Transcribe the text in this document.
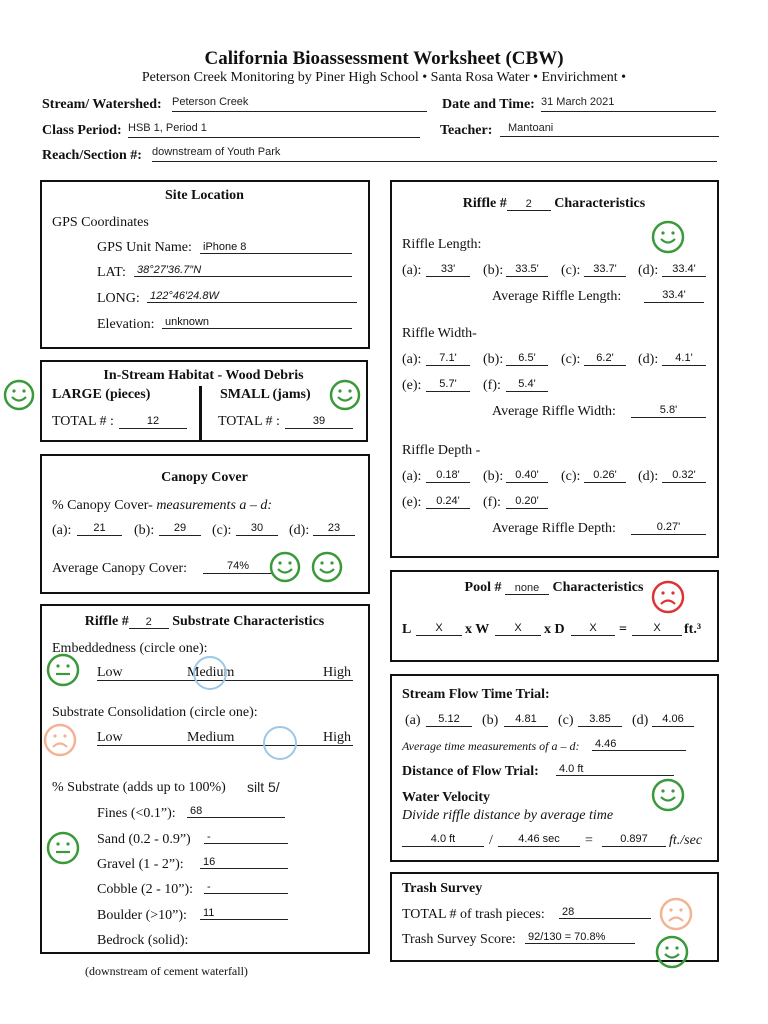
California Bioassessment Worksheet (CBW)
Peterson Creek Monitoring by Piner High School • Santa Rosa Water • Envirichment •
Stream/ Watershed: Peterson Creek	Date and Time: 31 March 2021
Class Period: HSB 1, Period 1	Teacher:	Mantoani
Reach/Section #: downstream of Youth Park
Site Location
GPS Coordinates
GPS Unit Name: iPhone 8
LAT: 38°27′36.7″N
LONG: 122°46′24.8W
Elevation: unknown
In-Stream Habitat - Wood Debris
LARGE (pieces)	SMALL (jams)
TOTAL # :	12	TOTAL # :	39
Canopy Cover
% Canopy Cover- measurements a – d:
(a):	21	(b):	29	(c):	30	(d):	23
Average Canopy Cover:	74%
Riffle # 2 Substrate Characteristics
Embeddedness (circle one):
Low	Medium	High
Substrate Consolidation (circle one):
Low	Medium	High
% Substrate (adds up to 100%) silt 5/
Fines (<0.1”): 68
Sand (0.2 - 0.9”) -
Gravel (1 - 2”): 16
Cobble (2 - 10”): -
Boulder (>10”): 11
Bedrock (solid):
(downstream of cement waterfall)
Riffle # 2 Characteristics
Riffle Length:
(a):	33'	(b):	33.5'	(c):	33.7'	(d):	33.4'
Average Riffle Length:	33.4'
Riffle Width-
(a):	7.1'	(b):	6.5'	(c):	6.2'	(d):	4.1'
(e):	5.7'	(f):	5.4'
Average Riffle Width:	5.8'
Riffle Depth -
(a):	0.18'	(b):	0.40'	(c):	0.26'	(d):	0.32'
(e):	0.24'	(f):	0.20'
Average Riffle Depth:	0.27'
Pool # none Characteristics
L	X	x W	X	x D	X	=	X	ft.³
Stream Flow Time Trial:
(a)	5.12	(b)	4.81	(c)	3.85	(d)	4.06
Average time measurements of a – d: 4.46
Distance of Flow Trial: 4.0 ft
Water Velocity
Divide riffle distance by average time
4.0 ft	/	4.46 sec	=	0.897	ft./sec
Trash Survey
TOTAL # of trash pieces: 28
Trash Survey Score: 92/130 = 70.8%
